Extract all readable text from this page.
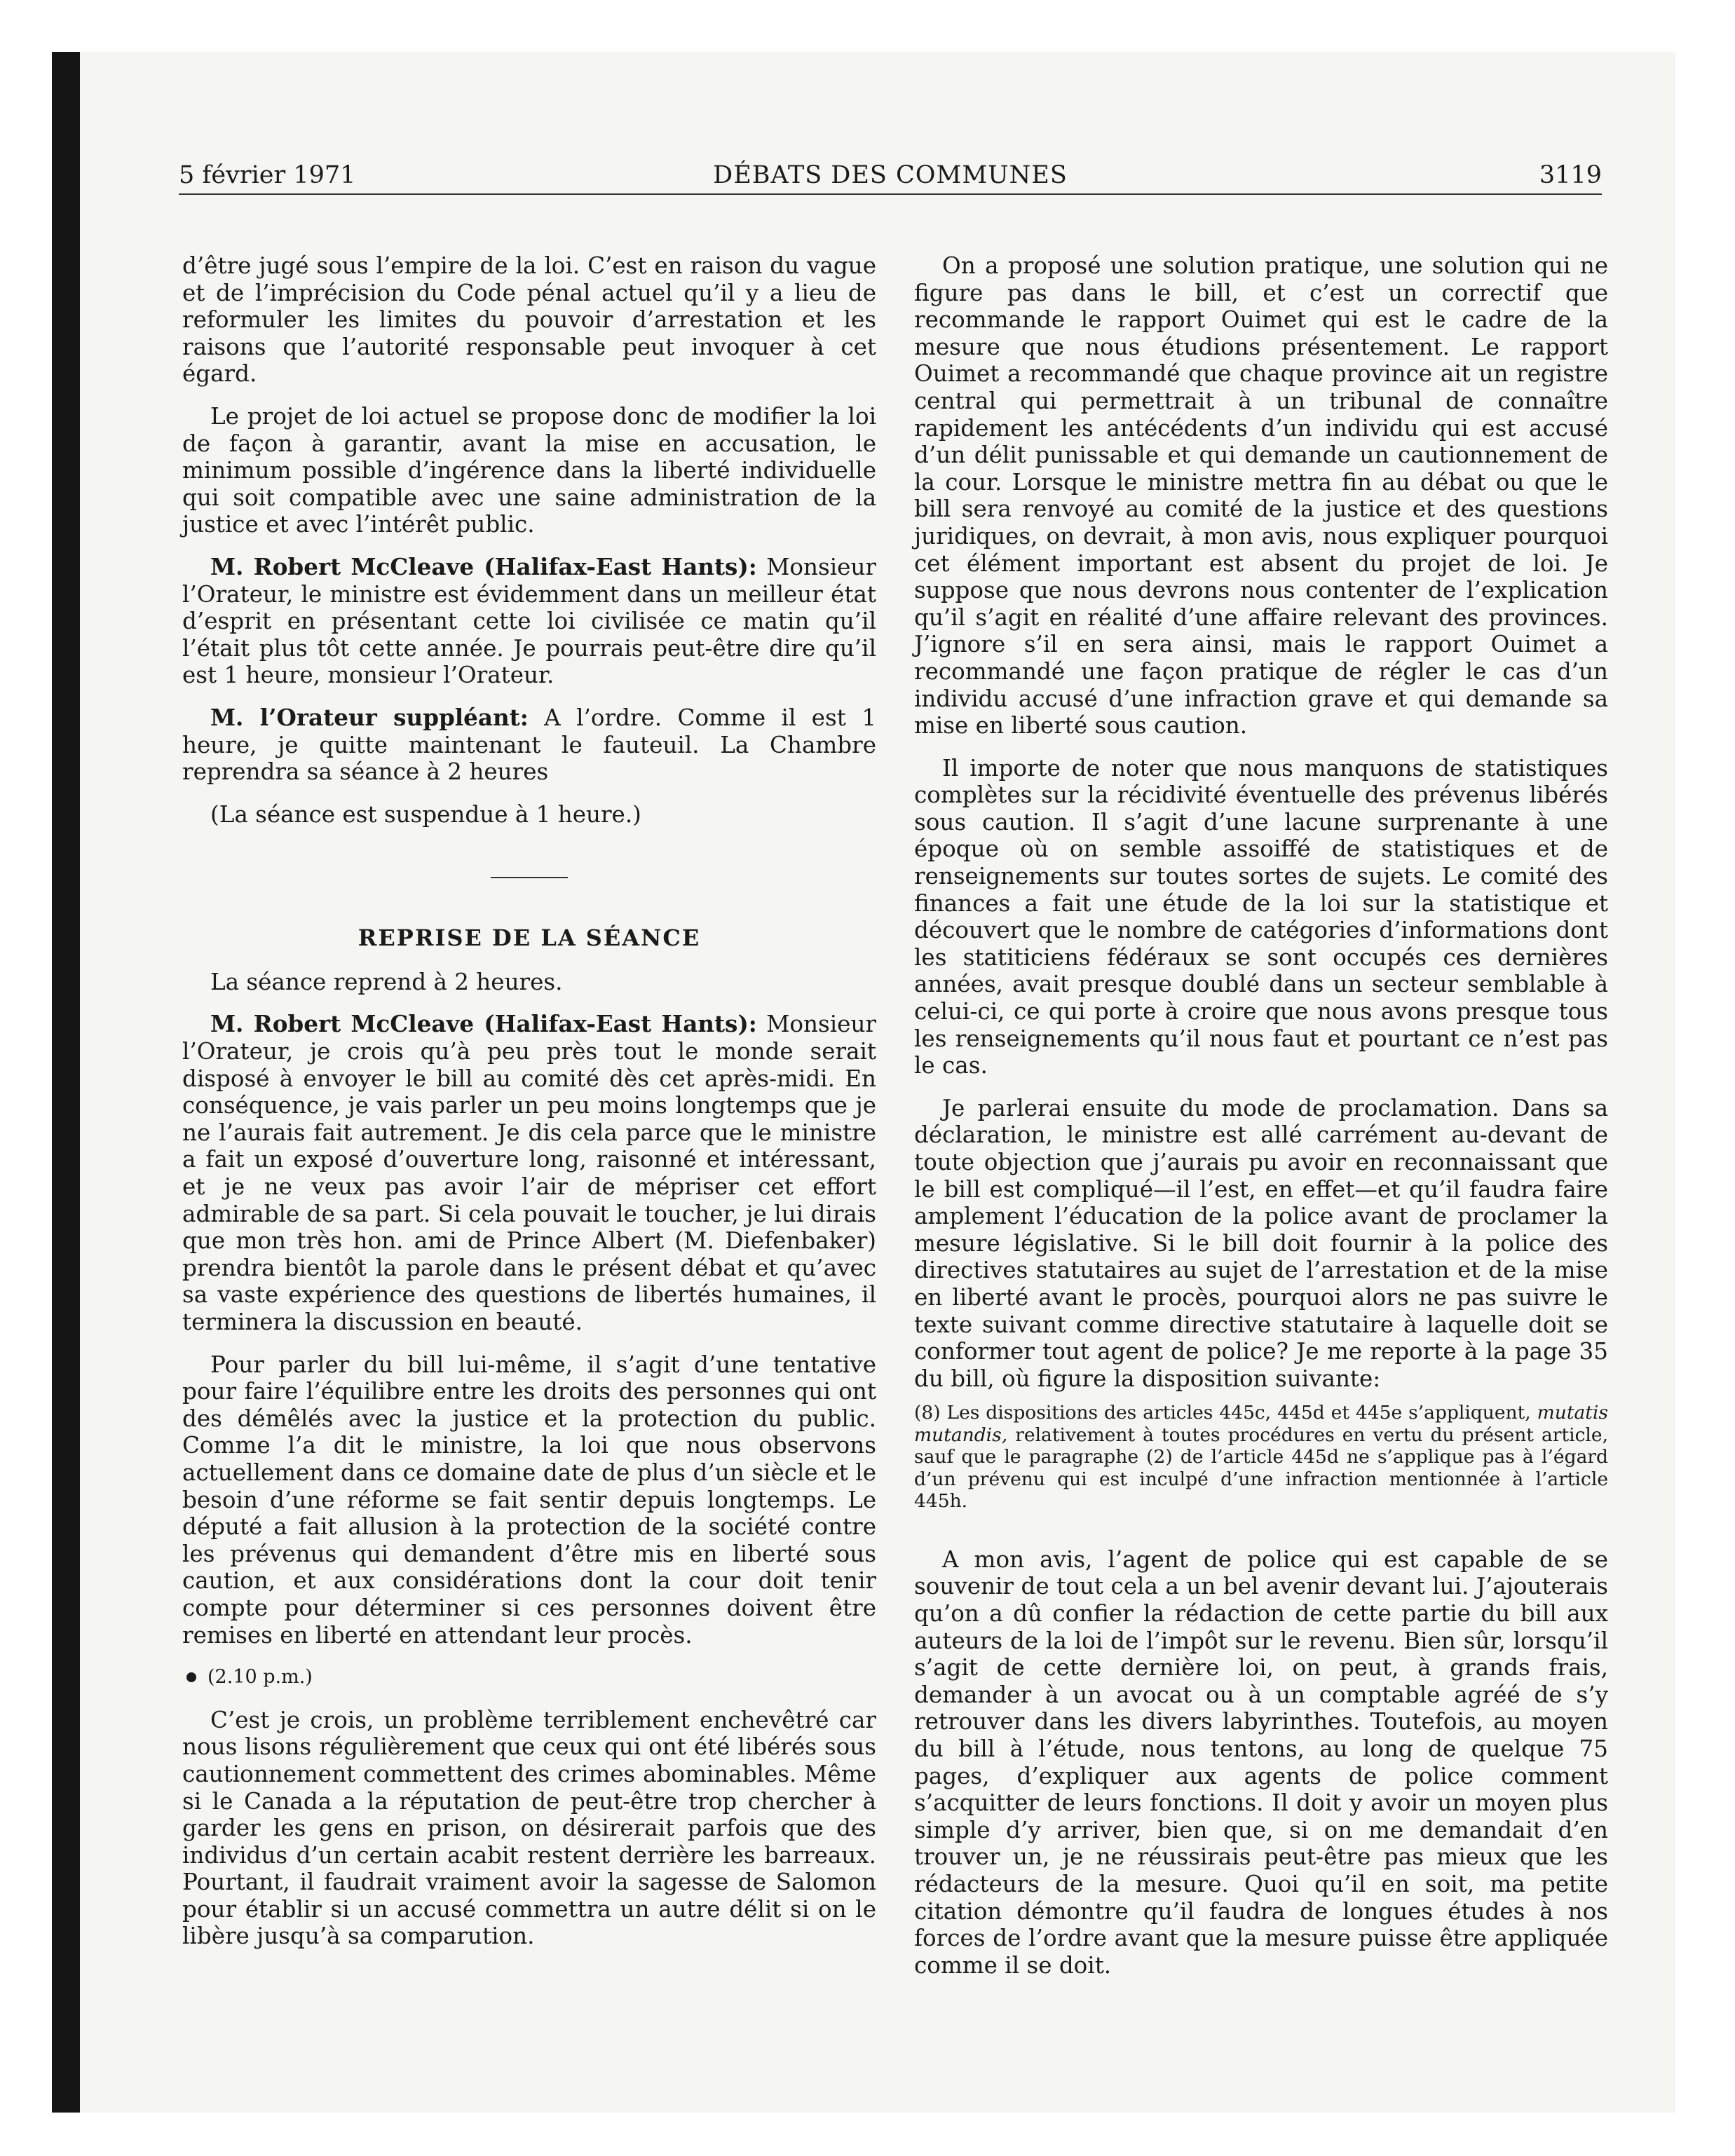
5 février 1971	DÉBATS DES COMMUNES	3119

d’être jugé sous l’empire de la loi. C’est en raison du vague et de l’imprécision du Code pénal actuel qu’il y a lieu de reformuler les limites du pouvoir d’arrestation et les raisons que l’autorité responsable peut invoquer à cet égard.

Le projet de loi actuel se propose donc de modifier la loi de façon à garantir, avant la mise en accusation, le minimum possible d’ingérence dans la liberté individuelle qui soit compatible avec une saine administration de la justice et avec l’intérêt public.

M. Robert McCleave (Halifax-East Hants): Monsieur l’Orateur, le ministre est évidemment dans un meilleur état d’esprit en présentant cette loi civilisée ce matin qu’il l’était plus tôt cette année. Je pourrais peut-être dire qu’il est 1 heure, monsieur l’Orateur.

M. l’Orateur suppléant: A l’ordre. Comme il est 1 heure, je quitte maintenant le fauteuil. La Chambre reprendra sa séance à 2 heures

(La séance est suspendue à 1 heure.)

REPRISE DE LA SÉANCE

La séance reprend à 2 heures.

M. Robert McCleave (Halifax-East Hants): Monsieur l’Orateur, je crois qu’à peu près tout le monde serait disposé à envoyer le bill au comité dès cet après-midi. En conséquence, je vais parler un peu moins longtemps que je ne l’aurais fait autrement. Je dis cela parce que le ministre a fait un exposé d’ouverture long, raisonné et intéressant, et je ne veux pas avoir l’air de mépriser cet effort admirable de sa part. Si cela pouvait le toucher, je lui dirais que mon très hon. ami de Prince Albert (M. Diefenbaker) prendra bientôt la parole dans le présent débat et qu’avec sa vaste expérience des questions de libertés humaines, il terminera la discussion en beauté.

Pour parler du bill lui-même, il s’agit d’une tentative pour faire l’équilibre entre les droits des personnes qui ont des démêlés avec la justice et la protection du public. Comme l’a dit le ministre, la loi que nous observons actuellement dans ce domaine date de plus d’un siècle et le besoin d’une réforme se fait sentir depuis longtemps. Le député a fait allusion à la protection de la société contre les prévenus qui demandent d’être mis en liberté sous caution, et aux considérations dont la cour doit tenir compte pour déterminer si ces personnes doivent être remises en liberté en attendant leur procès.

(2.10 p.m.)

C’est je crois, un problème terriblement enchevêtré car nous lisons régulièrement que ceux qui ont été libérés sous cautionnement commettent des crimes abominables. Même si le Canada a la réputation de peut-être trop chercher à garder les gens en prison, on désirerait parfois que des individus d’un certain acabit restent derrière les barreaux. Pourtant, il faudrait vraiment avoir la sagesse de Salomon pour établir si un accusé commettra un autre délit si on le libère jusqu’à sa comparution.

On a proposé une solution pratique, une solution qui ne figure pas dans le bill, et c’est un correctif que recommande le rapport Ouimet qui est le cadre de la mesure que nous étudions présentement. Le rapport Ouimet a recommandé que chaque province ait un registre central qui permettrait à un tribunal de connaître rapidement les antécédents d’un individu qui est accusé d’un délit punissable et qui demande un cautionnement de la cour. Lorsque le ministre mettra fin au débat ou que le bill sera renvoyé au comité de la justice et des questions juridiques, on devrait, à mon avis, nous expliquer pourquoi cet élément important est absent du projet de loi. Je suppose que nous devrons nous contenter de l’explication qu’il s’agit en réalité d’une affaire relevant des provinces. J’ignore s’il en sera ainsi, mais le rapport Ouimet a recommandé une façon pratique de régler le cas d’un individu accusé d’une infraction grave et qui demande sa mise en liberté sous caution.

Il importe de noter que nous manquons de statistiques complètes sur la récidivité éventuelle des prévenus libérés sous caution. Il s’agit d’une lacune surprenante à une époque où on semble assoiffé de statistiques et de renseignements sur toutes sortes de sujets. Le comité des finances a fait une étude de la loi sur la statistique et découvert que le nombre de catégories d’informations dont les statiticiens fédéraux se sont occupés ces dernières années, avait presque doublé dans un secteur semblable à celui-ci, ce qui porte à croire que nous avons presque tous les renseignements qu’il nous faut et pourtant ce n’est pas le cas.

Je parlerai ensuite du mode de proclamation. Dans sa déclaration, le ministre est allé carrément au-devant de toute objection que j’aurais pu avoir en reconnaissant que le bill est compliqué—il l’est, en effet—et qu’il faudra faire amplement l’éducation de la police avant de proclamer la mesure législative. Si le bill doit fournir à la police des directives statutaires au sujet de l’arrestation et de la mise en liberté avant le procès, pourquoi alors ne pas suivre le texte suivant comme directive statutaire à laquelle doit se conformer tout agent de police? Je me reporte à la page 35 du bill, où figure la disposition suivante:

(8) Les dispositions des articles 445c, 445d et 445e s’appliquent, mutatis mutandis, relativement à toutes procédures en vertu du présent article, sauf que le paragraphe (2) de l’article 445d ne s’applique pas à l’égard d’un prévenu qui est inculpé d’une infraction mentionnée à l’article 445h.

A mon avis, l’agent de police qui est capable de se souvenir de tout cela a un bel avenir devant lui. J’ajouterais qu’on a dû confier la rédaction de cette partie du bill aux auteurs de la loi de l’impôt sur le revenu. Bien sûr, lorsqu’il s’agit de cette dernière loi, on peut, à grands frais, demander à un avocat ou à un comptable agréé de s’y retrouver dans les divers labyrinthes. Toutefois, au moyen du bill à l’étude, nous tentons, au long de quelque 75 pages, d’expliquer aux agents de police comment s’acquitter de leurs fonctions. Il doit y avoir un moyen plus simple d’y arriver, bien que, si on me demandait d’en trouver un, je ne réussirais peut-être pas mieux que les rédacteurs de la mesure. Quoi qu’il en soit, ma petite citation démontre qu’il faudra de longues études à nos forces de l’ordre avant que la mesure puisse être appliquée comme il se doit.
